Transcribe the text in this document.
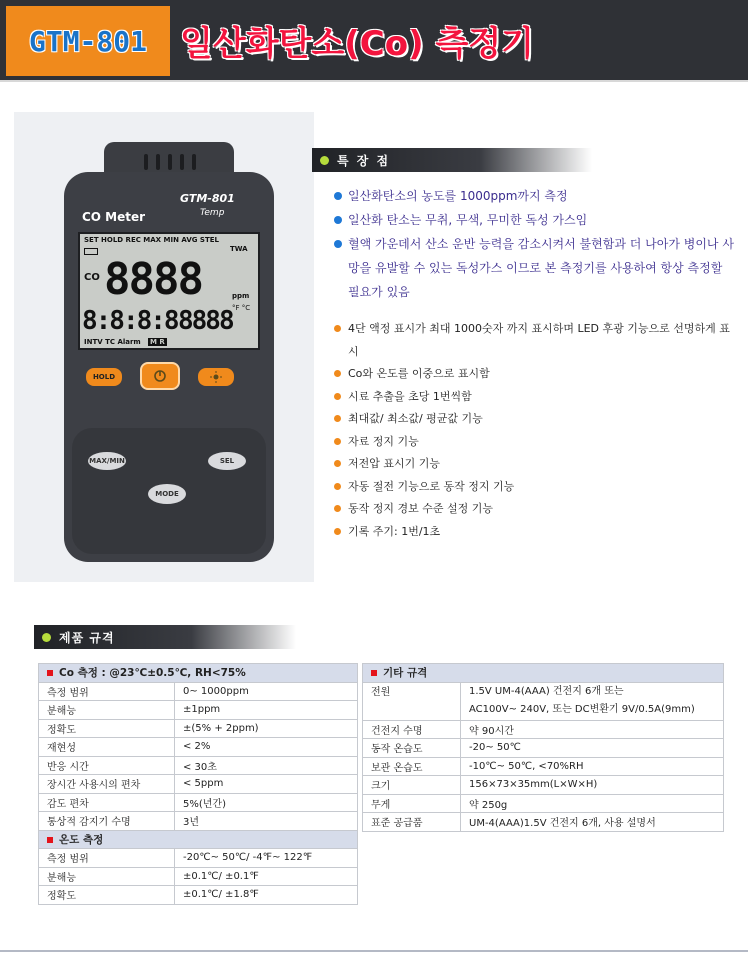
GTM-801 일산화탄소(Co) 측정기
CO Meter
GTM-801
Temp
SET HOLD REC MAX MIN AVG STEL
TWA
CO 8888	ppm
°F °C
8:8:8:8 8888
INTV TC Alarm M R
HOLD
MAX/MIN	SEL
MODE
특 장 점
일산화탄소의 농도를 1000ppm까지 측정
일산화 탄소는 무취, 무색, 무미한 독성 가스임
혈액 가운데서 산소 운반 능력을 감소시켜서 불현함과 더 나아가 병이나 사망을 유발할 수 있는 독성가스 이므로 본 측정기를 사용하여 항상 측정할 필요가 있음
4단 액정 표시가 최대 1000숫자 까지 표시하며 LED 후광 기능으로 선명하게 표시
Co와 온도를 이중으로 표시함
시료 추출을 초당 1번씩함
최대값/ 최소값/ 평균값 기능
자료 정지 기능
저전압 표시기 기능
자동 절전 기능으로 동작 정지 기능
동작 정지 경보 수준 설정 기능
기록 주기: 1번/1초
제품 규격
Co 측정 : @23℃±0.5℃, RH<75%	
측정 범위	0~ 1000ppm
분해능	±1ppm
정확도	±(5% + 2ppm)
재현성	< 2%
반응 시간	< 30초
장시간 사용시의 편차	< 5ppm
감도 편차	5%(년간)
통상적 감지기 수명	3년
온도 측정	
측정 범위	-20℃~ 50℃/ -4℉~ 122℉
분해능	±0.1℃/ ±0.1℉
정확도	±0.1℃/ ±1.8℉
기타 규격	
전원	1.5V UM-4(AAA) 건전지 6개 또는
AC100V~ 240V, 또는 DC변환기 9V/0.5A(9mm)

건전지 수명	약 90시간
동작 온습도	-20~ 50℃
보관 온습도	-10℃~ 50℃, <70%RH
크기	156×73×35mm(L×W×H)
무게	약 250g
표준 공급품	UM-4(AAA)1.5V 건전지 6개, 사용 설명서
